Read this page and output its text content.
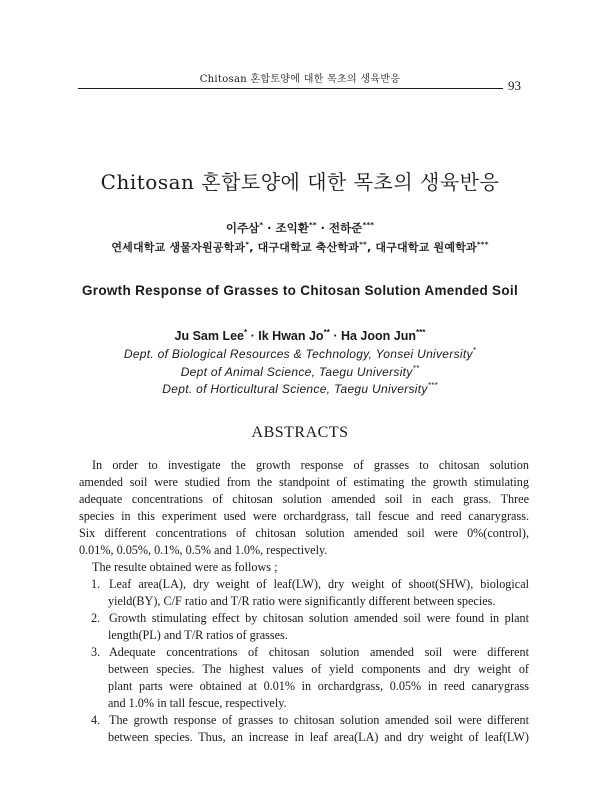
Chitosan 혼합토양에 대한 목초의 생육반응	93
Chitosan 혼합토양에 대한 목초의 생육반응
이주삼* · 조익환** · 전하준***
연세대학교 생물자원공학과*, 대구대학교 축산학과**, 대구대학교 원예학과***
Growth Response of Grasses to Chitosan Solution Amended Soil
Ju Sam Lee* · Ik Hwan Jo** · Ha Joon Jun***
Dept. of Biological Resources & Technology, Yonsei University*
Dept of Animal Science, Taegu University**
Dept. of Horticultural Science, Taegu University***
ABSTRACTS
In order to investigate the growth response of grasses to chitosan solution
amended soil were studied from the standpoint of estimating the growth stimulating
adequate concentrations of chitosan solution amended soil in each grass. Three
species in this experiment used were orchardgrass, tall fescue and reed canarygrass.
Six different concentrations of chitosan solution amended soil were 0%(control),
0.01%, 0.05%, 0.1%, 0.5% and 1.0%, respectively.
The resulte obtained were as follows ;
1. Leaf area(LA), dry weight of leaf(LW), dry weight of shoot(SHW), biological
yield(BY), C/F ratio and T/R ratio were significantly different between species.
2. Growth stimulating effect by chitosan solution amended soil were found in plant
length(PL) and T/R ratios of grasses.
3. Adequate concentrations of chitosan solution amended soil were different
between species. The highest values of yield components and dry weight of
plant parts were obtained at 0.01% in orchardgrass, 0.05% in reed canarygrass
and 1.0% in tall fescue, respectively.
4. The growth response of grasses to chitosan solution amended soil were different
between species. Thus, an increase in leaf area(LA) and dry weight of leaf(LW)
